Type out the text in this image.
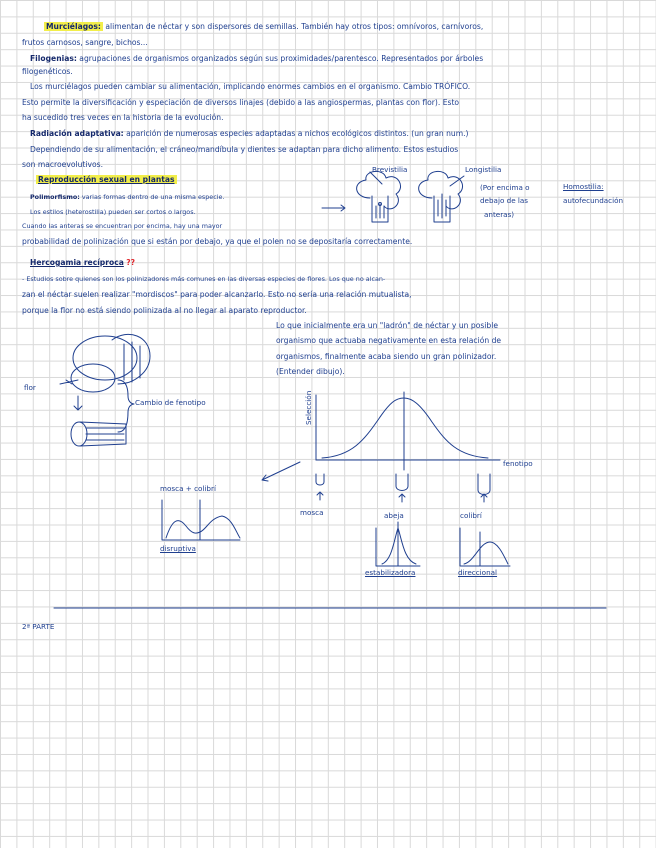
Murciélagos: alimentan de néctar y son dispersores de semillas. También hay otros tipos: omnívoros, carnívoros,
frutos carnosos, sangre, bichos...
Filogenias: agrupaciones de organismos organizados según sus proximidades/parentesco. Representados por árboles
filogenéticos.
Los murciélagos pueden cambiar su alimentación, implicando enormes cambios en el organismo. Cambio TRÓFICO.
Esto permite la diversificación y especiación de diversos linajes (debido a las angiospermas, plantas con flor). Esto
ha sucedido tres veces en la historia de la evolución.
Radiación adaptativa: aparición de numerosas especies adaptadas a nichos ecológicos distintos. (un gran num.)
Dependiendo de su alimentación, el cráneo/mandíbula y dientes se adaptan para dicho alimento. Estos estudios
son macroevolutivos.
Reproducción sexual en plantas
Polimorfismo: varias formas dentro de una misma especie.
Los estilos (heterostilia) pueden ser cortos o largos.
Cuando las anteras se encuentran por encima, hay una mayor
probabilidad de polinización que si están por debajo, ya que el polen no se depositaría correctamente.
Hercogamia recíproca ??
- Estudios sobre quienes son los polinizadores más comunes en las diversas especies de flores. Los que no alcan-
zan el néctar suelen realizar "mordiscos" para poder alcanzarlo. Esto no sería una relación mutualista,
porque la flor no está siendo polinizada al no llegar al aparato reproductor.
Lo que inicialmente era un "ladrón" de néctar y un posible
organismo que actuaba negativamente en esta relación de
organismos, finalmente acaba siendo un gran polinizador.
(Entender dibujo).
Brevistilia	Longistilia
(Por encima o
debajo de las
anteras)
Homostilia:
autofecundación
flor
Cambio de fenotipo	Selección
fenotipo
mosca	abeja	colibrí
mosca + colibrí
disruptiva
estabilizadora	direccional
2ª PARTE
